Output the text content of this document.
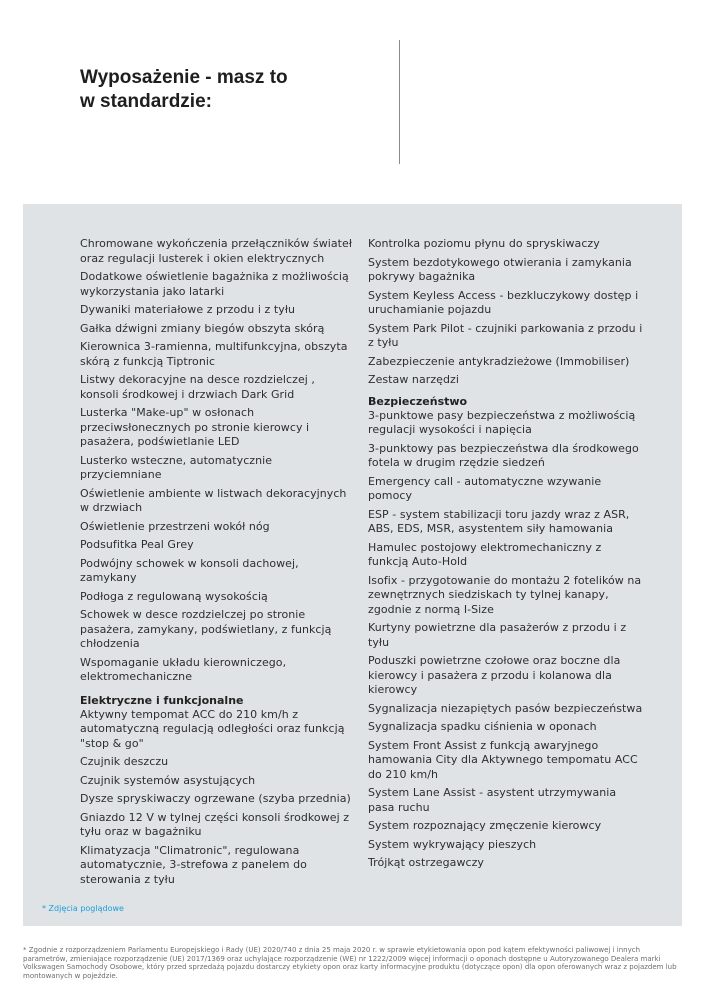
Wyposażenie - masz to
w standardzie:

Chromowane wykończenia przełączników świateł oraz regulacji lusterek i okien elektrycznych

Dodatkowe oświetlenie bagażnika z możliwością wykorzystania jako latarki

Dywaniki materiałowe z przodu i z tyłu

Gałka dźwigni zmiany biegów obszyta skórą

Kierownica 3-ramienna, multifunkcyjna, obszyta skórą z funkcją Tiptronic

Listwy dekoracyjne na desce rozdzielczej , konsoli środkowej i drzwiach Dark Grid

Lusterka "Make-up" w osłonach przeciwsłonecznych po stronie kierowcy i pasażera, podświetlanie LED

Lusterko wsteczne, automatycznie przyciemniane

Oświetlenie ambiente w listwach dekoracyjnych w drzwiach

Oświetlenie przestrzeni wokół nóg

Podsufitka Peal Grey

Podwójny schowek w konsoli dachowej, zamykany

Podłoga z regulowaną wysokością

Schowek w desce rozdzielczej po stronie pasażera, zamykany, podświetlany, z funkcją chłodzenia

Wspomaganie układu kierowniczego, elektromechaniczne

Elektryczne i funkcjonalne

Aktywny tempomat ACC do 210 km/h z automatyczną regulacją odległości oraz funkcją "stop & go"

Czujnik deszczu

Czujnik systemów asystujących

Dysze spryskiwaczy ogrzewane (szyba przednia)

Gniazdo 12 V w tylnej części konsoli środkowej z tyłu oraz w bagażniku

Klimatyzacja "Climatronic", regulowana automatycznie, 3-strefowa z panelem do sterowania z tyłu

Kontrolka poziomu płynu do spryskiwaczy

System bezdotykowego otwierania i zamykania pokrywy bagażnika

System Keyless Access - bezkluczykowy dostęp i uruchamianie pojazdu

System Park Pilot - czujniki parkowania z przodu i z tyłu

Zabezpieczenie antykradzieżowe (Immobiliser)

Zestaw narzędzi

Bezpieczeństwo

3-punktowe pasy bezpieczeństwa z możliwością regulacji wysokości i napięcia

3-punktowy pas bezpieczeństwa dla środkowego fotela w drugim rzędzie siedzeń

Emergency call - automatyczne wzywanie pomocy

ESP - system stabilizacji toru jazdy wraz z ASR, ABS, EDS, MSR, asystentem siły hamowania

Hamulec postojowy elektromechaniczny z funkcją Auto-Hold

Isofix - przygotowanie do montażu 2 fotelików na zewnętrznych siedziskach ty tylnej kanapy, zgodnie z normą I-Size

Kurtyny powietrzne dla pasażerów z przodu i z tyłu

Poduszki powietrzne czołowe oraz boczne dla kierowcy i pasażera z przodu i kolanowa dla kierowcy

Sygnalizacja niezapiętych pasów bezpieczeństwa

Sygnalizacja spadku ciśnienia w oponach

System Front Assist z funkcją awaryjnego hamowania City dla Aktywnego tempomatu ACC do 210 km/h

System Lane Assist - asystent utrzymywania pasa ruchu

System rozpoznający zmęczenie kierowcy

System wykrywający pieszych

Trójkąt ostrzegawczy

* Zdjęcia poglądowe

* Zgodnie z rozporządzeniem Parlamentu Europejskiego i Rady (UE) 2020/740 z dnia 25 maja 2020 r. w sprawie etykietowania opon pod kątem efektywności paliwowej i innych parametrów, zmieniające rozporządzenie (UE) 2017/1369 oraz uchylające rozporządzenie (WE) nr 1222/2009 więcej informacji o oponach dostępne u Autoryzowanego Dealera marki Volkswagen Samochody Osobowe, który przed sprzedażą pojazdu dostarczy etykiety opon oraz karty informacyjne produktu (dotyczące opon) dla opon oferowanych wraz z pojazdem lub montowanych w pojeździe.
